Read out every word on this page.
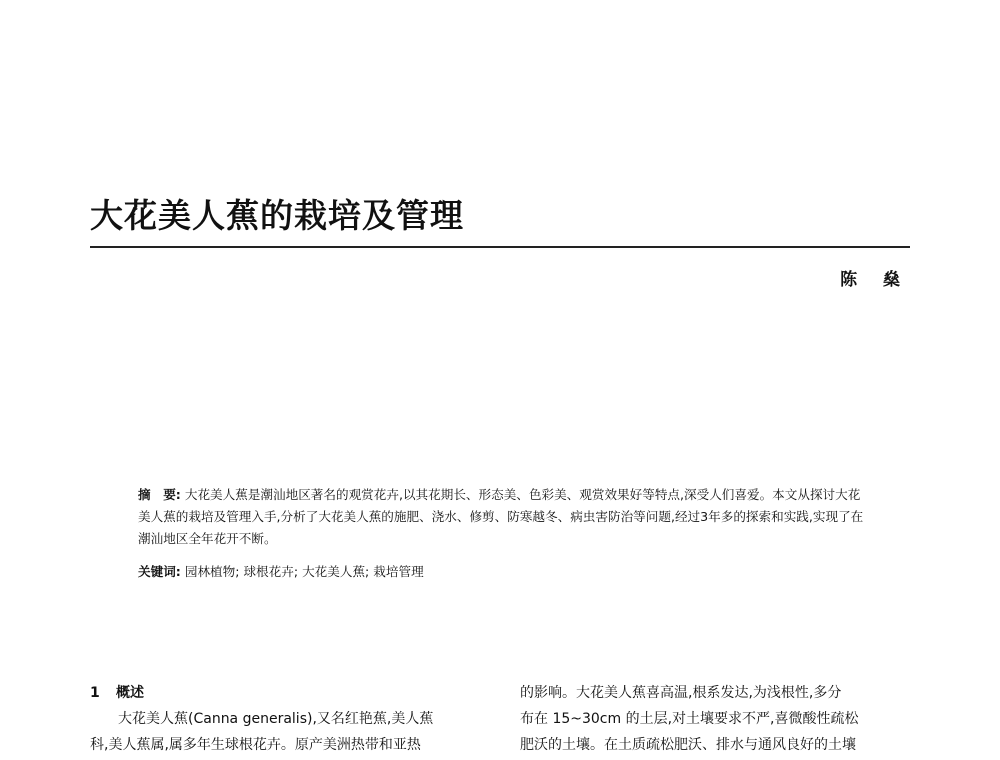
大花美人蕉的栽培及管理
陈 燊

摘　要: 大花美人蕉是潮汕地区著名的观赏花卉,以其花期长、形态美、色彩美、观赏效果好等特点,深受人们喜爱。本文从探讨大花美人蕉的栽培及管理入手,分析了大花美人蕉的施肥、浇水、修剪、防寒越冬、病虫害防治等问题,经过3年多的探索和实践,实现了在潮汕地区全年花开不断。

关键词: 园林植物; 球根花卉; 大花美人蕉; 栽培管理
1 概述
大花美人蕉(Canna generalis),又名红艳蕉,美人蕉
科,美人蕉属,属多年生球根花卉。原产美洲热带和亚热
的影响。大花美人蕉喜高温,根系发达,为浅根性,多分
布在 15~30cm 的土层,对土壤要求不严,喜微酸性疏松
肥沃的土壤。在土质疏松肥沃、排水与通风良好的土壤
